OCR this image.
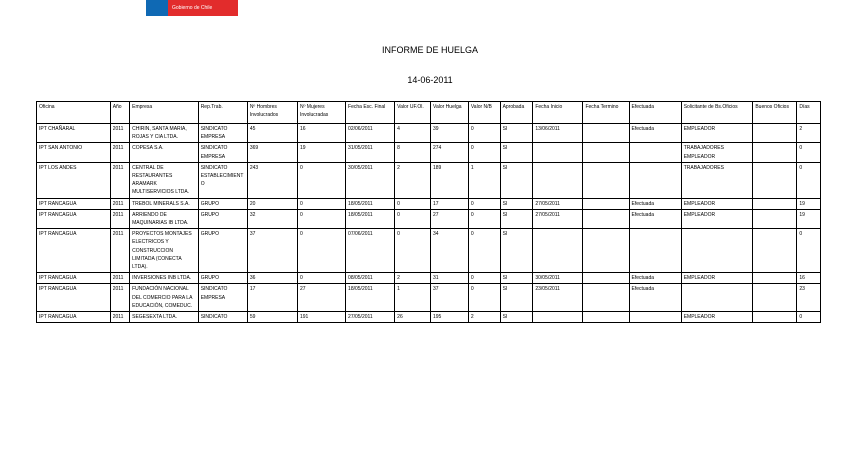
Gobierno de Chile
INFORME DE HUELGA
14-06-2011
Oficina	Año	Empresa	Rep.Trab.	Nº Hombres Involucrados	Nº Mujeres Involucradas	Fecha Esc. Final	Valor UF.Ol.	Valor Huelga	Valor N/B	Aprobada	Fecha Inicio	Fecha Termino	Efectuada	Solicitante de Bs.Oficios	Buenos Oficios	Días
IPT CHAÑARAL	2011	CHIRIN, SANTA MARIA, ROJAS Y CIA LTDA.	SINDICATO EMPRESA	45	16	02/06/2011	4	39	0	SI	13/06/2011		Efectuada	EMPLEADOR		2
IPT SAN ANTONIO	2011	COPESA S.A.	SINDICATO EMPRESA	369	19	31/05/2011	8	274	0	SI				TRABAJADORES EMPLEADOR		0
IPT LOS ANDES	2011	CENTRAL DE RESTAURANTES ARAMARK MULTISERVICIOS LTDA.	SINDICATO ESTABLECIMIENTO	243	0	30/05/2011	2	189	1	SI				TRABAJADORES		0
IPT RANCAGUA	2011	TREBOL MINERALS S.A.	GRUPO	20	0	18/05/2011	0	17	0	SI	27/05/2011		Efectuada	EMPLEADOR		19
IPT RANCAGUA	2011	ARRIENDO DE MAQUINARIAS IB LTDA.	GRUPO	32	0	18/05/2011	0	27	0	SI	27/05/2011		Efectuada	EMPLEADOR		19
IPT RANCAGUA	2011	PROYECTOS MONTAJES ELECTRICOS Y CONSTRUCCION LIMITADA (CONECTA LTDA).	GRUPO	37	0	07/06/2011	0	34	0	SI						0
IPT RANCAGUA	2011	INVERSIONES INB LTDA.	GRUPO	36	0	08/05/2011	2	31	0	SI	30/05/2011		Efectuada	EMPLEADOR		16
IPT RANCAGUA	2011	FUNDACIÓN NACIONAL DEL COMERCIO PARA LA EDUCACIÓN, COMEDUC.	SINDICATO EMPRESA	17	27	18/05/2011	1	37	0	SI	23/05/2011		Efectuada			23
IPT RANCAGUA	2011	SEGESEXTA LTDA.	SINDICATO	59	191	27/05/2011	26	195	2	SI				EMPLEADOR		0
